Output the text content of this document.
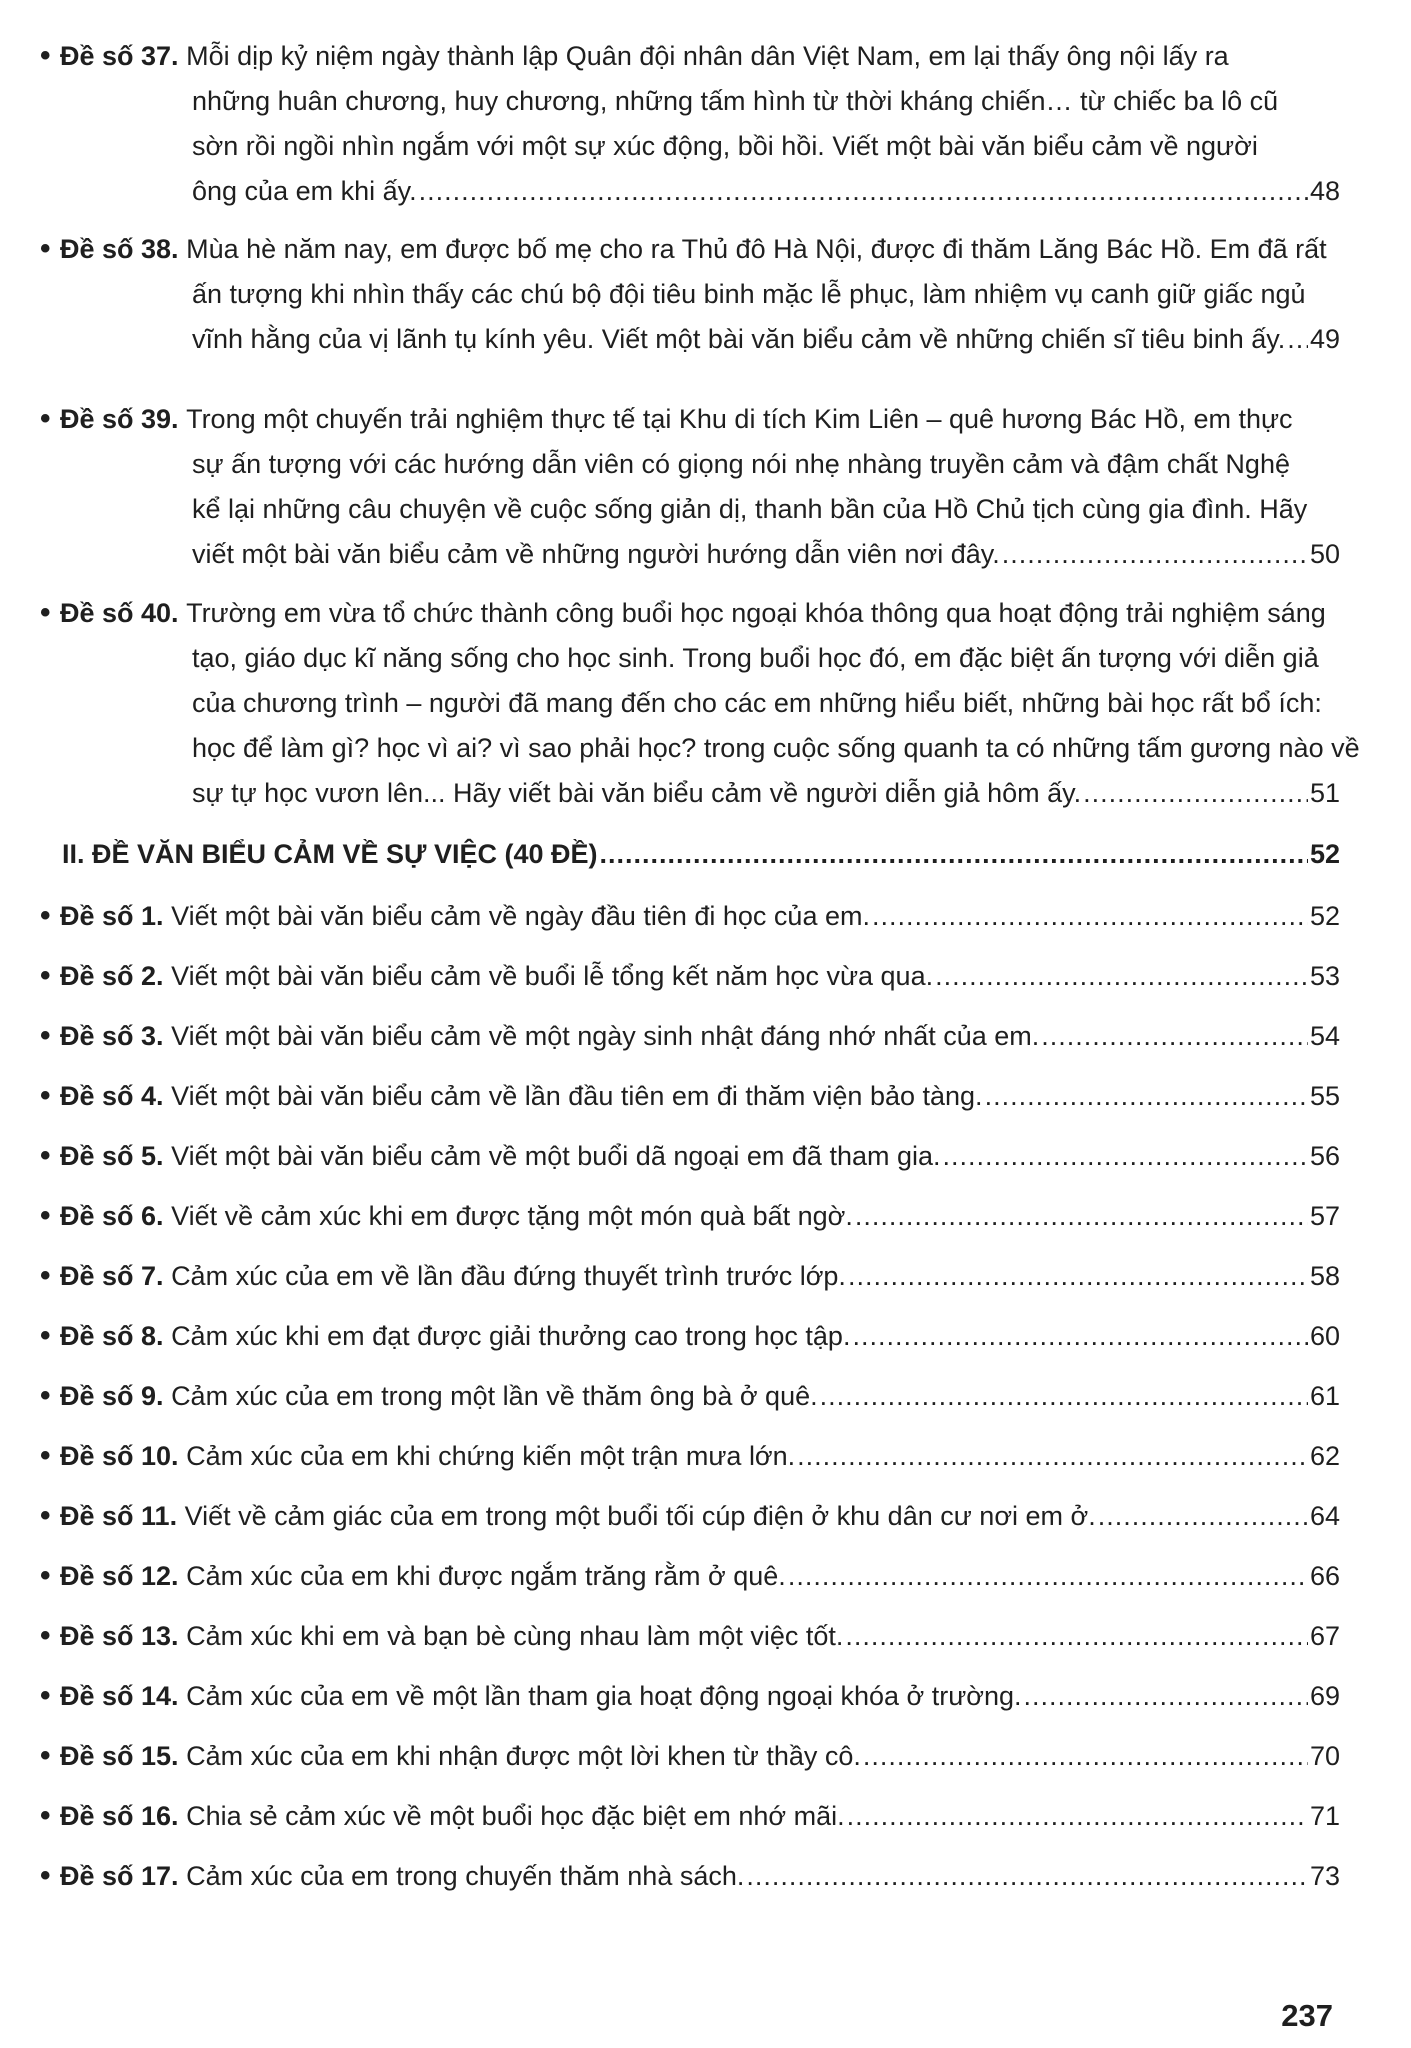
• Đề số 37.
Mỗi dịp kỷ niệm ngày thành lập Quân đội nhân dân Việt Nam, em lại thấy ông nội lấy ra
những huân chương, huy chương, những tấm hình từ thời kháng chiến… từ chiếc ba lô cũ
sờn rồi ngồi nhìn ngắm với một sự xúc động, bồi hồi. Viết một bài văn biểu cảm về người
ông của em khi ấy. .....	48
• Đề số 38.
Mùa hè năm nay, em được bố mẹ cho ra Thủ đô Hà Nội, được đi thăm Lăng Bác Hồ. Em đã rất
ấn tượng khi nhìn thấy các chú bộ đội tiêu binh mặc lễ phục, làm nhiệm vụ canh giữ giấc ngủ
vĩnh hằng của vị lãnh tụ kính yêu. Viết một bài văn biểu cảm về những chiến sĩ tiêu binh ấy. ..... 49
• Đề số 39.
Trong một chuyến trải nghiệm thực tế tại Khu di tích Kim Liên – quê hương Bác Hồ, em thực
sự ấn tượng với các hướng dẫn viên có giọng nói nhẹ nhàng truyền cảm và đậm chất Nghệ
kể lại những câu chuyện về cuộc sống giản dị, thanh bần của Hồ Chủ tịch cùng gia đình. Hãy
viết một bài văn biểu cảm về những người hướng dẫn viên nơi đây. .....	50
• Đề số 40.
Trường em vừa tổ chức thành công buổi học ngoại khóa thông qua hoạt động trải nghiệm sáng
tạo, giáo dục kĩ năng sống cho học sinh. Trong buổi học đó, em đặc biệt ấn tượng với diễn giả
của chương trình – người đã mang đến cho các em những hiểu biết, những bài học rất bổ ích:
học để làm gì? học vì ai? vì sao phải học? trong cuộc sống quanh ta có những tấm gương nào về
sự tự học vươn lên... Hãy viết bài văn biểu cảm về người diễn giả hôm ấy. .....	51
II. ĐỀ VĂN BIỂU CẢM VỀ SỰ VIỆC (40 ĐỀ) .....	52
• Đề số 1.
Viết một bài văn biểu cảm về ngày đầu tiên đi học của em. .....	52
• Đề số 2.
Viết một bài văn biểu cảm về buổi lễ tổng kết năm học vừa qua. .....	53
• Đề số 3.
Viết một bài văn biểu cảm về một ngày sinh nhật đáng nhớ nhất của em. .....	54
• Đề số 4.
Viết một bài văn biểu cảm về lần đầu tiên em đi thăm viện bảo tàng. .....	55
• Đề số 5.
Viết một bài văn biểu cảm về một buổi dã ngoại em đã tham gia. .....	56
• Đề số 6.
Viết về cảm xúc khi em được tặng một món quà bất ngờ. .....	57
• Đề số 7.
Cảm xúc của em về lần đầu đứng thuyết trình trước lớp. .....	58
• Đề số 8.
Cảm xúc khi em đạt được giải thưởng cao trong học tập. .....	60
• Đề số 9.
Cảm xúc của em trong một lần về thăm ông bà ở quê. .....	61
• Đề số 10.
Cảm xúc của em khi chứng kiến một trận mưa lớn. .....	62
• Đề số 11.
Viết về cảm giác của em trong một buổi tối cúp điện ở khu dân cư nơi em ở. .....	64
• Đề số 12.
Cảm xúc của em khi được ngắm trăng rằm ở quê. .....	66
• Đề số 13.
Cảm xúc khi em và bạn bè cùng nhau làm một việc tốt. .....	67
• Đề số 14.
Cảm xúc của em về một lần tham gia hoạt động ngoại khóa ở trường. .....	69
• Đề số 15.
Cảm xúc của em khi nhận được một lời khen từ thầy cô. .....	70
• Đề số 16.
Chia sẻ cảm xúc về một buổi học đặc biệt em nhớ mãi. .....	71
• Đề số 17.
Cảm xúc của em trong chuyến thăm nhà sách. .....	73
237
